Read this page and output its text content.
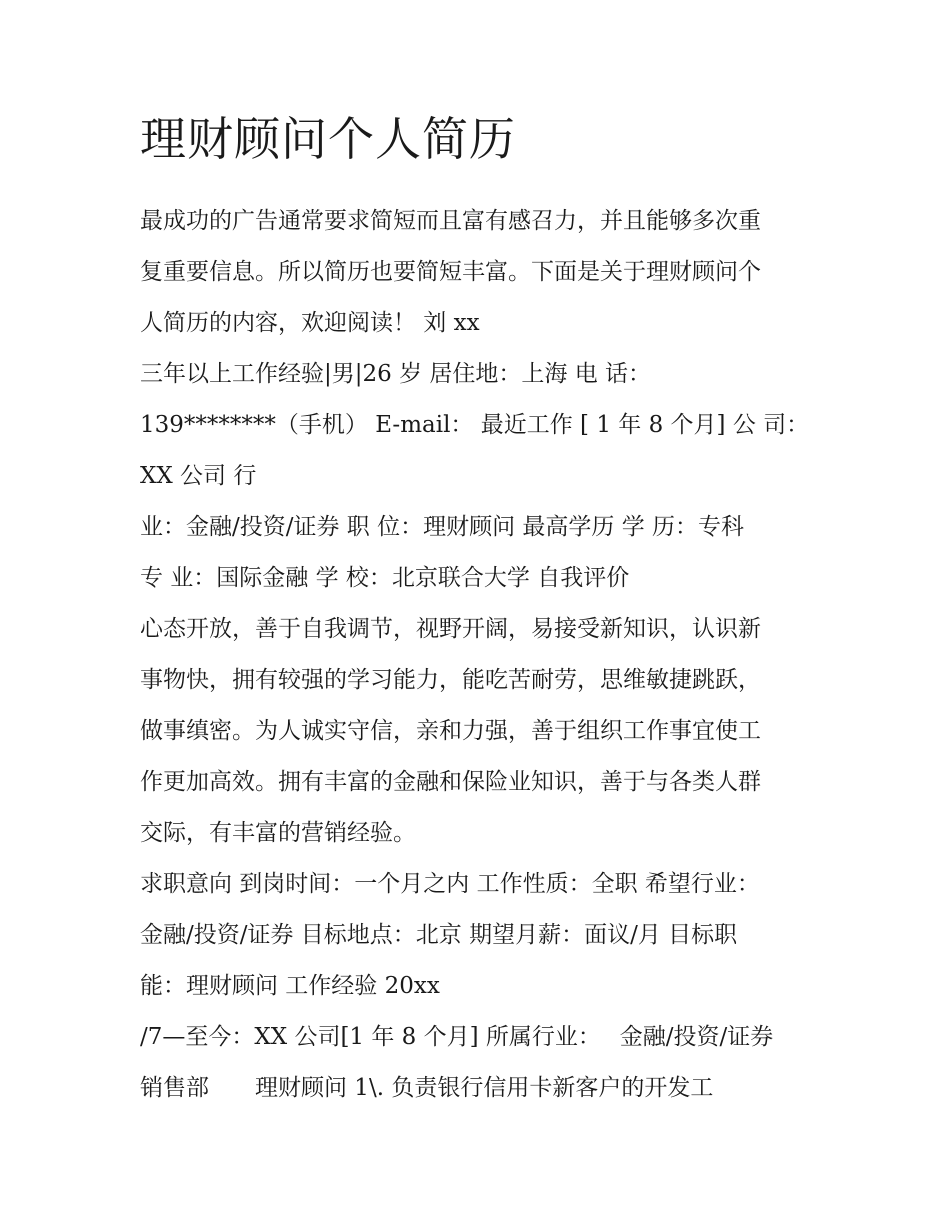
理财顾问个人简历
最成功的广告通常要求简短而且富有感召力，并且能够多次重
复重要信息。所以简历也要简短丰富。下面是关于理财顾问个
人简历的内容，欢迎阅读！ 刘 xx
三年以上工作经验|男|26 岁 居住地：上海 电 话：
139********（手机） E-mail： 最近工作 [ 1 年 8 个月] 公 司：
XX 公司 行
业：金融/投资/证券 职 位：理财顾问 最高学历 学 历：专科
专 业：国际金融 学 校：北京联合大学 自我评价
心态开放，善于自我调节，视野开阔，易接受新知识，认识新
事物快，拥有较强的学习能力，能吃苦耐劳，思维敏捷跳跃，
做事缜密。为人诚实守信，亲和力强，善于组织工作事宜使工
作更加高效。拥有丰富的金融和保险业知识，善于与各类人群
交际，有丰富的营销经验。
求职意向 到岗时间：一个月之内 工作性质：全职 希望行业：
金融/投资/证券 目标地点：北京 期望月薪：面议/月 目标职
能：理财顾问 工作经验 20xx
/7—至今：XX 公司[1 年 8 个月] 所属行业：　 金融/投资/证券
销售部　　理财顾问 1\. 负责银行信用卡新客户的开发工
